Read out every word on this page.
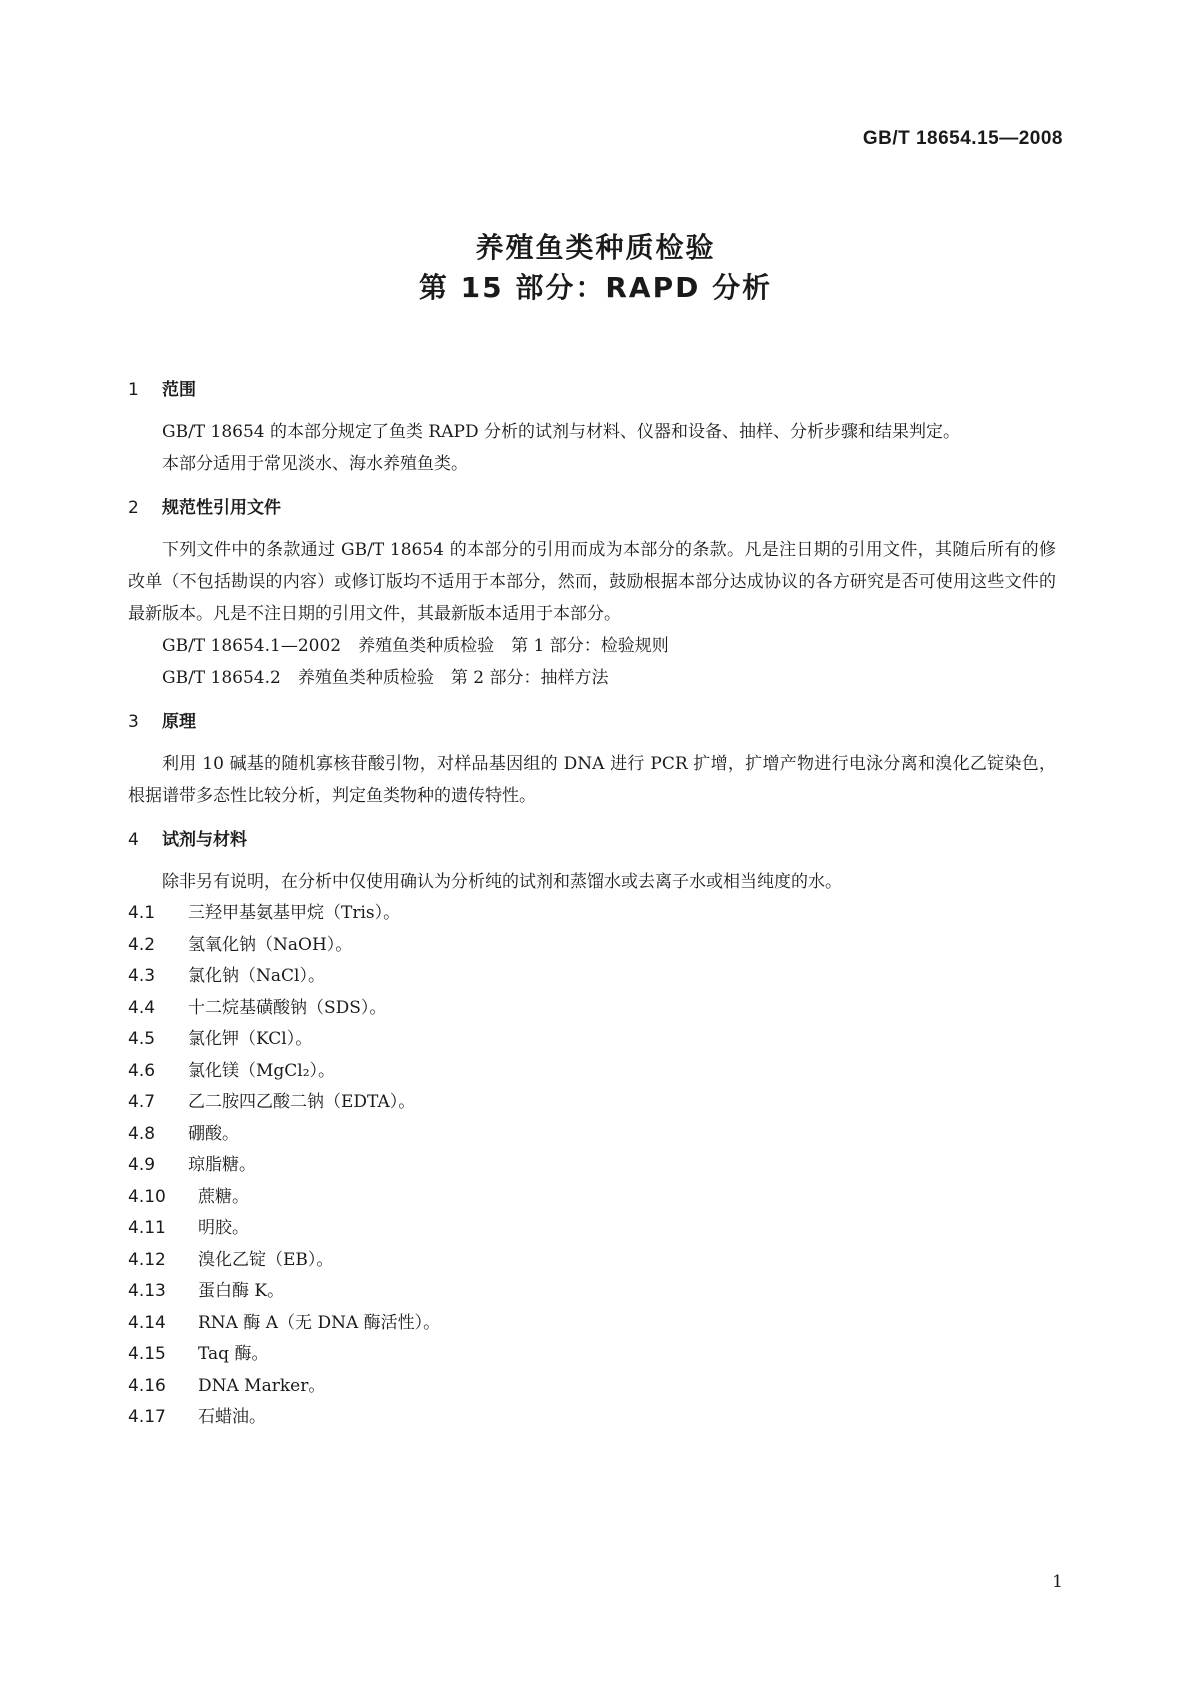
GB/T 18654.15—2008
养殖鱼类种质检验
第 15 部分：RAPD 分析
1 范围

GB/T 18654 的本部分规定了鱼类 RAPD 分析的试剂与材料、仪器和设备、抽样、分析步骤和结果判定。

本部分适用于常见淡水、海水养殖鱼类。

2 规范性引用文件

下列文件中的条款通过 GB/T 18654 的本部分的引用而成为本部分的条款。凡是注日期的引用文件，其随后所有的修改单（不包括勘误的内容）或修订版均不适用于本部分，然而，鼓励根据本部分达成协议的各方研究是否可使用这些文件的最新版本。凡是不注日期的引用文件，其最新版本适用于本部分。

GB/T 18654.1—2002　养殖鱼类种质检验　第 1 部分：检验规则

GB/T 18654.2　养殖鱼类种质检验　第 2 部分：抽样方法

3 原理

利用 10 碱基的随机寡核苷酸引物，对样品基因组的 DNA 进行 PCR 扩增，扩增产物进行电泳分离和溴化乙锭染色，根据谱带多态性比较分析，判定鱼类物种的遗传特性。

4 试剂与材料

除非另有说明，在分析中仅使用确认为分析纯的试剂和蒸馏水或去离子水或相当纯度的水。

4.1 三羟甲基氨基甲烷（Tris）。

4.2 氢氧化钠（NaOH）。

4.3 氯化钠（NaCl）。

4.4 十二烷基磺酸钠（SDS）。

4.5 氯化钾（KCl）。

4.6 氯化镁（MgCl₂）。

4.7 乙二胺四乙酸二钠（EDTA）。

4.8 硼酸。

4.9 琼脂糖。

4.10 蔗糖。

4.11 明胶。

4.12 溴化乙锭（EB）。

4.13 蛋白酶 K。

4.14 RNA 酶 A（无 DNA 酶活性）。

4.15 Taq 酶。

4.16 DNA Marker。

4.17 石蜡油。

1
